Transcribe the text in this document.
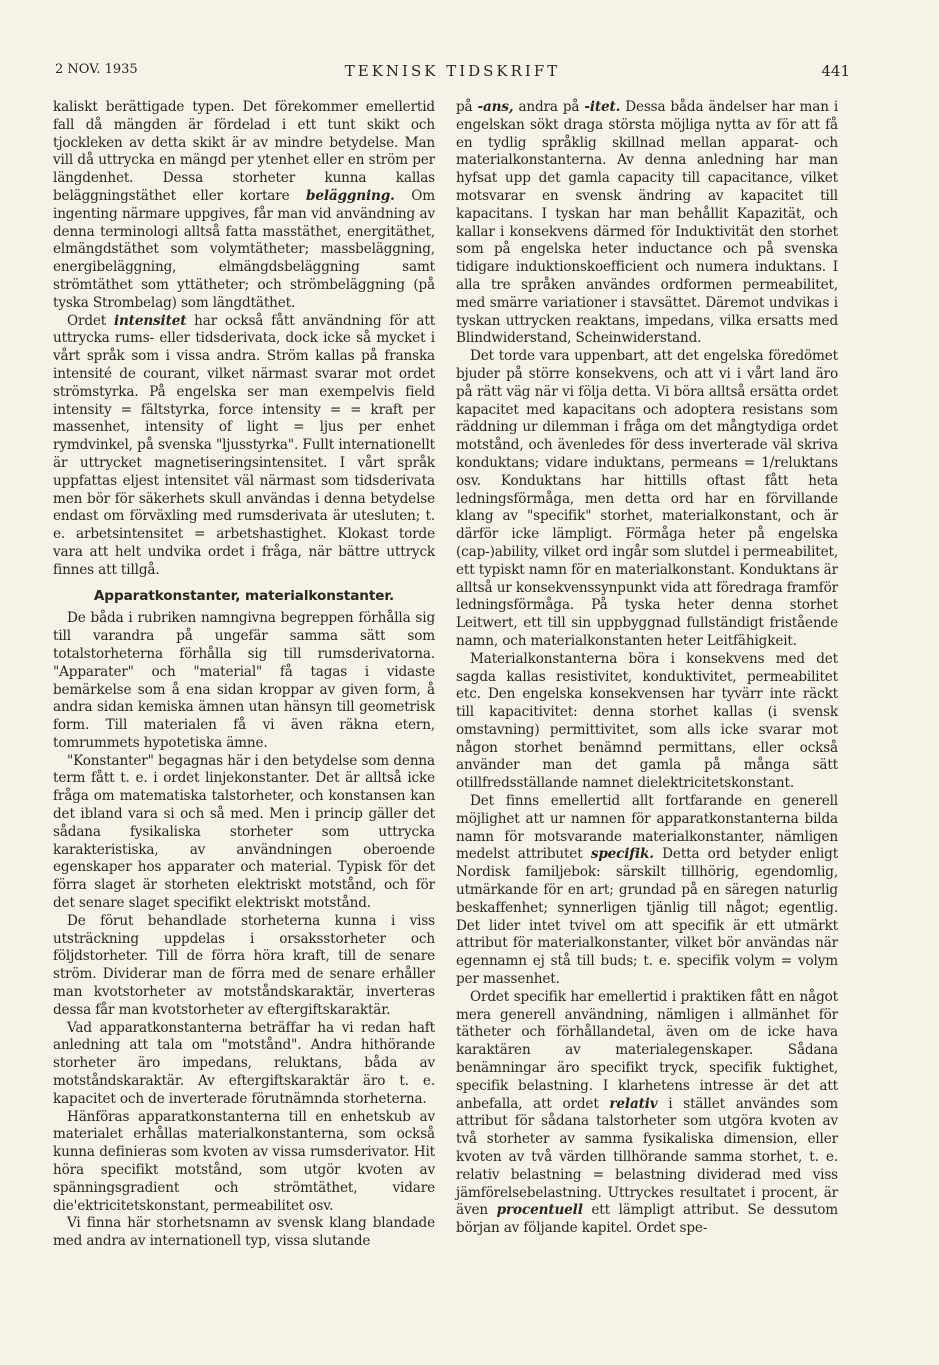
2 NOV. 1935	TEKNISK TIDSKRIFT	441

kaliskt berättigade typen. Det förekommer emellertid fall då mängden är fördelad i ett tunt skikt och tjockleken av detta skikt är av mindre betydelse. Man vill då uttrycka en mängd per ytenhet eller en ström per längdenhet. Dessa storheter kunna kallas beläggningstäthet eller kortare beläggning. Om ingenting närmare uppgives, får man vid användning av denna terminologi alltså fatta masstäthet, energitäthet, elmängdstäthet som volymtätheter; massbeläggning, energibeläggning, elmängdsbeläggning samt strömtäthet som yttätheter; och strömbeläggning (på tyska Strombelag) som längdtäthet.

Ordet intensitet har också fått användning för att uttrycka rums- eller tidsderivata, dock icke så mycket i vårt språk som i vissa andra. Ström kallas på franska intensité de courant, vilket närmast svarar mot ordet strömstyrka. På engelska ser man exempelvis field intensity = fältstyrka, force intensity = = kraft per massenhet, intensity of light = ljus per enhet rymdvinkel, på svenska "ljusstyrka". Fullt internationellt är uttrycket magnetiseringsintensitet. I vårt språk uppfattas eljest intensitet väl närmast som tidsderivata men bör för säkerhets skull användas i denna betydelse endast om förväxling med rumsderivata är utesluten; t. e. arbetsintensitet = arbetshastighet. Klokast torde vara att helt undvika ordet i fråga, när bättre uttryck finnes att tillgå.

Apparatkonstanter, materialkonstanter.

De båda i rubriken namngivna begreppen förhålla sig till varandra på ungefär samma sätt som totalstorheterna förhålla sig till rumsderivatorna. "Apparater" och "material" få tagas i vidaste bemärkelse som å ena sidan kroppar av given form, å andra sidan kemiska ämnen utan hänsyn till geometrisk form. Till materialen få vi även räkna etern, tomrummets hypotetiska ämne.

"Konstanter" begagnas här i den betydelse som denna term fått t. e. i ordet linjekonstanter. Det är alltså icke fråga om matematiska talstorheter, och konstansen kan det ibland vara si och så med. Men i princip gäller det sådana fysikaliska storheter som uttrycka karakteristiska, av användningen oberoende egenskaper hos apparater och material. Typisk för det förra slaget är storheten elektriskt motstånd, och för det senare slaget specifikt elektriskt motstånd.

De förut behandlade storheterna kunna i viss utsträckning uppdelas i orsaksstorheter och följdstorheter. Till de förra höra kraft, till de senare ström. Dividerar man de förra med de senare erhåller man kvotstorheter av motståndskaraktär, inverteras dessa får man kvotstorheter av eftergiftskaraktär.

Vad apparatkonstanterna beträffar ha vi redan haft anledning att tala om "motstånd". Andra hithörande storheter äro impedans, reluktans, båda av motståndskaraktär. Av eftergiftskaraktär äro t. e. kapacitet och de inverterade förutnämnda storheterna.

Hänföras apparatkonstanterna till en enhetskub av materialet erhållas materialkonstanterna, som också kunna definieras som kvoten av vissa rumsderivator. Hit höra specifikt motstånd, som utgör kvoten av spänningsgradient och strömtäthet, vidare die'ektricitetskonstant, permeabilitet osv.

Vi finna här storhetsnamn av svensk klang blandade med andra av internationell typ, vissa slutande

på -ans, andra på -itet. Dessa båda ändelser har man i engelskan sökt draga största möjliga nytta av för att få en tydlig språklig skillnad mellan apparat- och materialkonstanterna. Av denna anledning har man hyfsat upp det gamla capacity till capacitance, vilket motsvarar en svensk ändring av kapacitet till kapacitans. I tyskan har man behållit Kapazität, och kallar i konsekvens därmed för Induktivität den storhet som på engelska heter inductance och på svenska tidigare induktionskoefficient och numera induktans. I alla tre språken användes ordformen permeabilitet, med smärre variationer i stavsättet. Däremot undvikas i tyskan uttrycken reaktans, impedans, vilka ersatts med Blindwiderstand, Scheinwiderstand.

Det torde vara uppenbart, att det engelska föredömet bjuder på större konsekvens, och att vi i vårt land äro på rätt väg när vi följa detta. Vi böra alltså ersätta ordet kapacitet med kapacitans och adoptera resistans som räddning ur dilemman i fråga om det mångtydiga ordet motstånd, och ävenledes för dess inverterade väl skriva konduktans; vidare induktans, permeans = 1/reluktans osv. Konduktans har hittills oftast fått heta ledningsförmåga, men detta ord har en förvillande klang av "specifik" storhet, materialkonstant, och är därför icke lämpligt. Förmåga heter på engelska (cap-)ability, vilket ord ingår som slutdel i permeabilitet, ett typiskt namn för en materialkonstant. Konduktans är alltså ur konsekvenssynpunkt vida att föredraga framför ledningsförmåga. På tyska heter denna storhet Leitwert, ett till sin uppbyggnad fullständigt fristående namn, och materialkonstanten heter Leitfähigkeit.

Materialkonstanterna böra i konsekvens med det sagda kallas resistivitet, konduktivitet, permeabilitet etc. Den engelska konsekvensen har tyvärr inte räckt till kapacitivitet: denna storhet kallas (i svensk omstavning) permittivitet, som alls icke svarar mot någon storhet benämnd permittans, eller också använder man det gamla på många sätt otillfredsställande namnet dielektricitetskonstant.

Det finns emellertid allt fortfarande en generell möjlighet att ur namnen för apparatkonstanterna bilda namn för motsvarande materialkonstanter, nämligen medelst attributet specifik. Detta ord betyder enligt Nordisk familjebok: särskilt tillhörig, egendomlig, utmärkande för en art; grundad på en säregen naturlig beskaffenhet; synnerligen tjänlig till något; egentlig. Det lider intet tvivel om att specifik är ett utmärkt attribut för materialkonstanter, vilket bör användas när egennamn ej stå till buds; t. e. specifik volym = volym per massenhet.

Ordet specifik har emellertid i praktiken fått en något mera generell användning, nämligen i allmänhet för tätheter och förhållandetal, även om de icke hava karaktären av materialegenskaper. Sådana benämningar äro specifikt tryck, specifik fuktighet, specifik belastning. I klarhetens intresse är det att anbefalla, att ordet relativ i stället användes som attribut för sådana talstorheter som utgöra kvoten av två storheter av samma fysikaliska dimension, eller kvoten av två värden tillhörande samma storhet, t. e. relativ belastning = belastning dividerad med viss jämförelsebelastning. Uttryckes resultatet i procent, är även procentuell ett lämpligt attribut. Se dessutom början av följande kapitel. Ordet spe-
